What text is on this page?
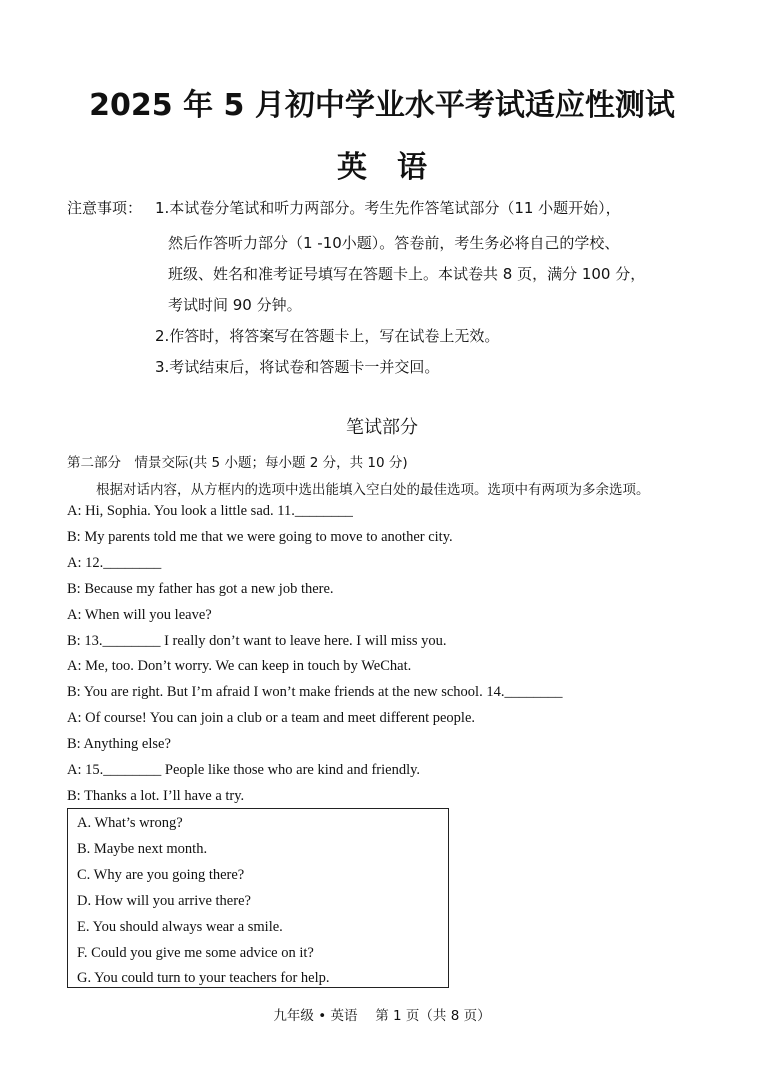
2025 年 5 月初中学业水平考试适应性测试
英　语
注意事项： 1.本试卷分笔试和听力两部分。考生先作答笔试部分（11 小题开始），
然后作答听力部分（1 -10小题）。答卷前，考生务必将自己的学校、
班级、姓名和准考证号填写在答题卡上。本试卷共 8 页，满分 100 分，
考试时间 90 分钟。
2.作答时，将答案写在答题卡上，写在试卷上无效。
3.考试结束后，将试卷和答题卡一并交回。
笔试部分
第二部分　情景交际(共 5 小题；每小题 2 分，共 10 分)
根据对话内容，从方框内的选项中选出能填入空白处的最佳选项。选项中有两项为多余选项。
A: Hi, Sophia. You look a little sad. 11.________
B: My parents told me that we were going to move to another city.
A: 12.________
B: Because my father has got a new job there.
A: When will you leave?
B: 13.________ I really don’t want to leave here. I will miss you.
A: Me, too. Don’t worry. We can keep in touch by WeChat.
B: You are right. But I’m afraid I won’t make friends at the new school. 14.________
A: Of course! You can join a club or a team and meet different people.
B: Anything else?
A: 15.________ People like those who are kind and friendly.
B: Thanks a lot. I’ll have a try.
A. What’s wrong?
B. Maybe next month.
C. Why are you going there?
D. How will you arrive there?
E. You should always wear a smile.
F. Could you give me some advice on it?
G. You could turn to your teachers for help.
九年级 • 英语　 第 1 页（共 8 页）
